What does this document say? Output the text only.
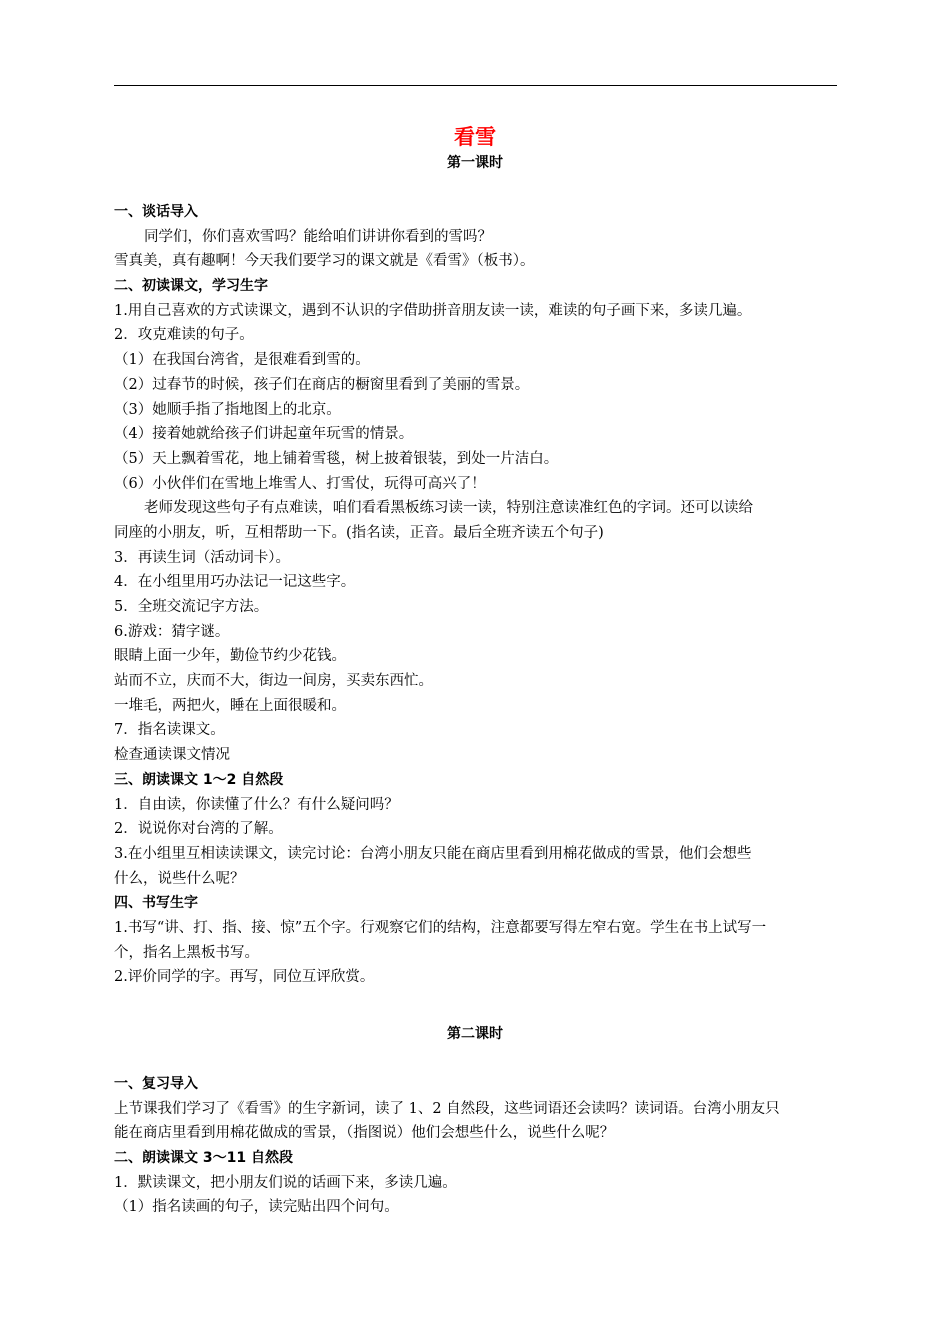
看雪
第一课时
一、谈话导入
同学们，你们喜欢雪吗？能给咱们讲讲你看到的雪吗？
雪真美，真有趣啊！今天我们要学习的课文就是《看雪》（板书）。
二、初读课文，学习生字
1.用自己喜欢的方式读课文，遇到不认识的字借助拼音朋友读一读，难读的句子画下来，多读几遍。
2．攻克难读的句子。
（1）在我国台湾省，是很难看到雪的。
（2）过春节的时候，孩子们在商店的橱窗里看到了美丽的雪景。
（3）她顺手指了指地图上的北京。
（4）接着她就给孩子们讲起童年玩雪的情景。
（5）天上飘着雪花，地上铺着雪毯，树上披着银装，到处一片洁白。
（6）小伙伴们在雪地上堆雪人、打雪仗，玩得可高兴了！
老师发现这些句子有点难读，咱们看看黑板练习读一读，特别注意读准红色的字词。还可以读给
同座的小朋友，听，互相帮助一下。(指名读，正音。最后全班齐读五个句子)
3．再读生词（活动词卡）。
4．在小组里用巧办法记一记这些字。
5．全班交流记字方法。
6.游戏：猜字谜。
眼睛上面一少年，勤俭节约少花钱。
站而不立，庆而不大，街边一间房，买卖东西忙。
一堆毛，两把火，睡在上面很暖和。
7．指名读课文。
检查通读课文情况
三、朗读课文 1～2 自然段
1．自由读，你读懂了什么？有什么疑问吗？
2．说说你对台湾的了解。
3.在小组里互相读读课文，读完讨论：台湾小朋友只能在商店里看到用棉花做成的雪景，他们会想些
什么，说些什么呢？
四、书写生字
1.书写“讲、打、指、接、惊”五个字。行观察它们的结构，注意都要写得左窄右宽。学生在书上试写一
个，指名上黑板书写。
2.评价同学的字。再写，同位互评欣赏。
第二课时
一、复习导入
上节课我们学习了《看雪》的生字新词，读了 1、2 自然段，这些词语还会读吗？读词语。台湾小朋友只
能在商店里看到用棉花做成的雪景，（指图说）他们会想些什么，说些什么呢？
二、朗读课文 3～11 自然段
1．默读课文，把小朋友们说的话画下来，多读几遍。
（1）指名读画的句子，读完贴出四个问句。
